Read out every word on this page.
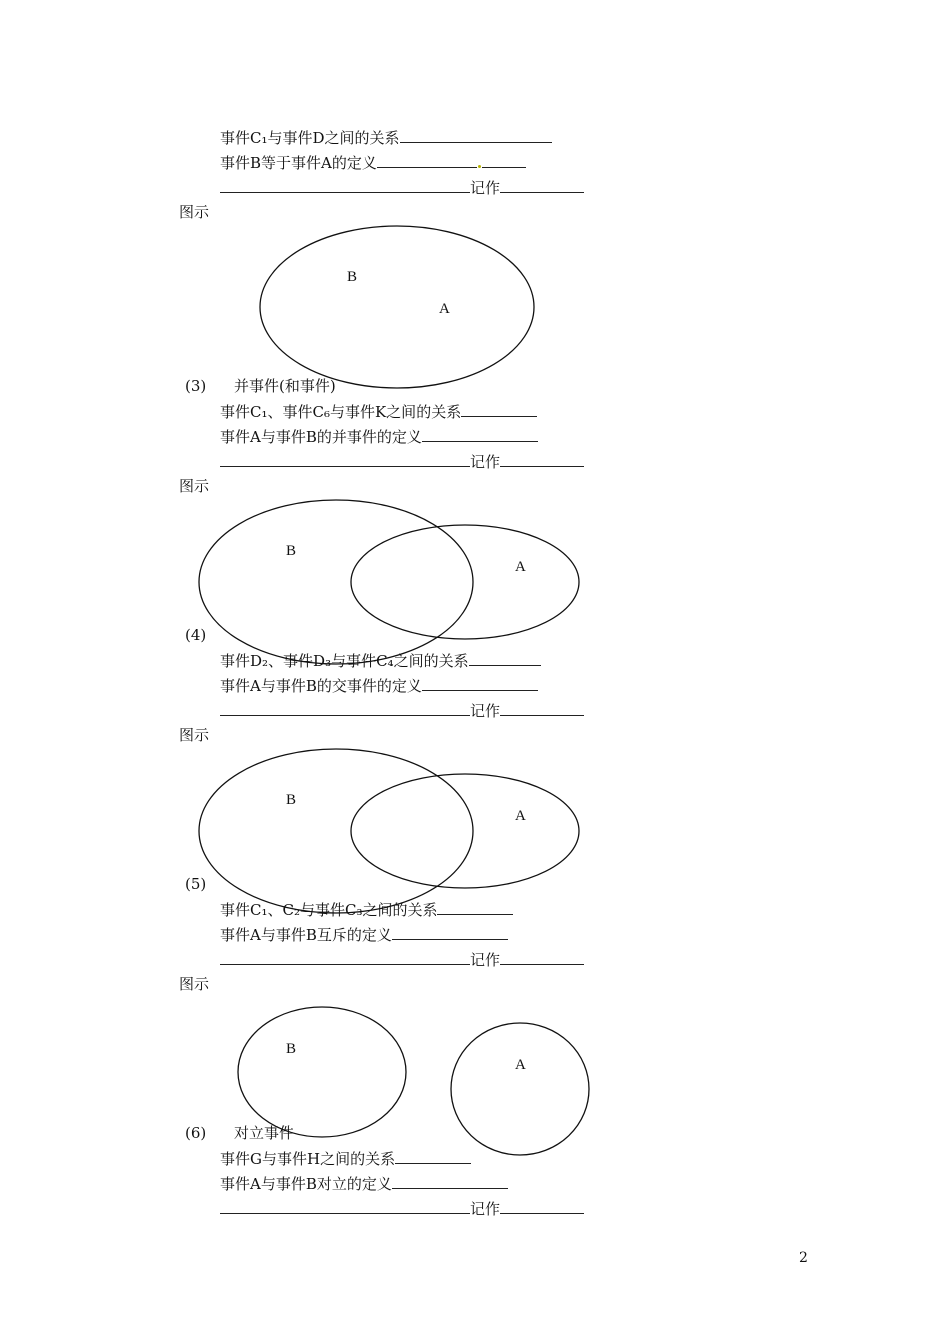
事件C₁与事件D之间的关系
事件B等于事件A的定义
记作
图示
(3) 并事件(和事件)
事件C₁、事件C₆与事件K之间的关系
事件A与事件B的并事件的定义
记作
图示
(4)
事件D₂、事件D₃与事件C₄之间的关系
事件A与事件B的交事件的定义
记作
图示
(5)
事件C₁、C₂与事件C₃之间的关系
事件A与事件B互斥的定义
记作
图示
(6) 对立事件
事件G与事件H之间的关系
事件A与事件B对立的定义
记作
B
A
B
A
B
A
B
A
2
